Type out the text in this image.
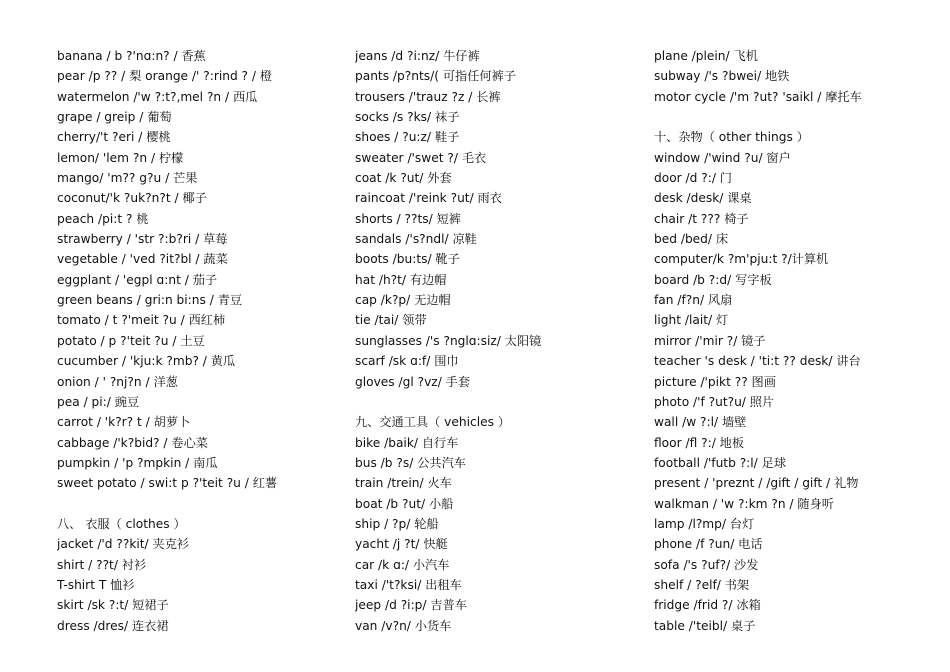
banana / b ?'nɑ:n? / 香蕉
pear /p ?? / 梨 orange /' ?:rind ? / 橙
watermelon /'w ?:t?,mel ?n / 西瓜
grape / greip / 葡萄
cherry/'t ?eri / 樱桃
lemon/ 'lem ?n / 柠檬
mango/ 'm?? g?u / 芒果
coconut/'k ?uk?n?t / 椰子
peach /pi:t ? 桃
strawberry / 'str ?:b?ri / 草莓
vegetable / 'ved ?it?bl / 蔬菜
eggplant / 'egpl ɑ:nt / 茄子
green beans / gri:n bi:ns / 青豆
tomato / t ?'meit ?u / 西红柿
potato / p ?'teit ?u / 土豆
cucumber / 'kju:k ?mb? / 黄瓜
onion / ' ?nj?n / 洋葱
pea / pi:/ 豌豆
carrot / 'k?r? t / 胡萝卜
cabbage /'k?bid? / 卷心菜
pumpkin / 'p ?mpkin / 南瓜
sweet potato / swi:t p ?'teit ?u / 红薯
八、 衣服（ clothes ）
jacket /'d ??kit/ 夹克衫
shirt / ??t/ 衬衫
T-shirt T 恤衫
skirt /sk ?:t/ 短裙子
dress /dres/ 连衣裙
jeans /d ?i:nz/ 牛仔裤
pants /p?nts/( 可指任何裤子
trousers /'trauz ?z / 长裤
socks /s ?ks/ 袜子
shoes / ?u:z/ 鞋子
sweater /'swet ?/ 毛衣
coat /k ?ut/ 外套
raincoat /'reink ?ut/ 雨衣
shorts / ??ts/ 短裤
sandals /'s?ndl/ 凉鞋
boots /bu:ts/ 靴子
hat /h?t/ 有边帽
cap /k?p/ 无边帽
tie /tai/ 领带
sunglasses /'s ?nglɑ:siz/ 太阳镜
scarf /sk ɑ:f/ 围巾
gloves /gl ?vz/ 手套
九、交通工具（ vehicles ）
bike /baik/ 自行车
bus /b ?s/ 公共汽车
train /trein/ 火车
boat /b ?ut/ 小船
ship / ?p/ 轮船
yacht /j ?t/ 快艇
car /k ɑ:/ 小汽车
taxi /'t?ksi/ 出租车
jeep /d ?i:p/ 吉普车
van /v?n/ 小货车
plane /plein/ 飞机
subway /'s ?bwei/ 地铁
motor cycle /'m ?ut? 'saikl / 摩托车
十、杂物（ other things ）
window /'wind ?u/ 窗户
door /d ?:/ 门
desk /desk/ 课桌
chair /t ??? 椅子
bed /bed/ 床
computer/k ?m'pju:t ?/计算机
board /b ?:d/ 写字板
fan /f?n/ 风扇
light /lait/ 灯
mirror /'mir ?/ 镜子
teacher 's desk / 'ti:t ?? desk/ 讲台
picture /'pikt ?? 图画
photo /'f ?ut?u/ 照片
wall /w ?:l/ 墙壁
floor /fl ?:/ 地板
football /'futb ?:l/ 足球
present / 'preznt / /gift / gift / 礼物
walkman / 'w ?:km ?n / 随身听
lamp /l?mp/ 台灯
phone /f ?un/ 电话
sofa /'s ?uf?/ 沙发
shelf / ?elf/ 书架
fridge /frid ?/ 冰箱
table /'teibl/ 桌子
